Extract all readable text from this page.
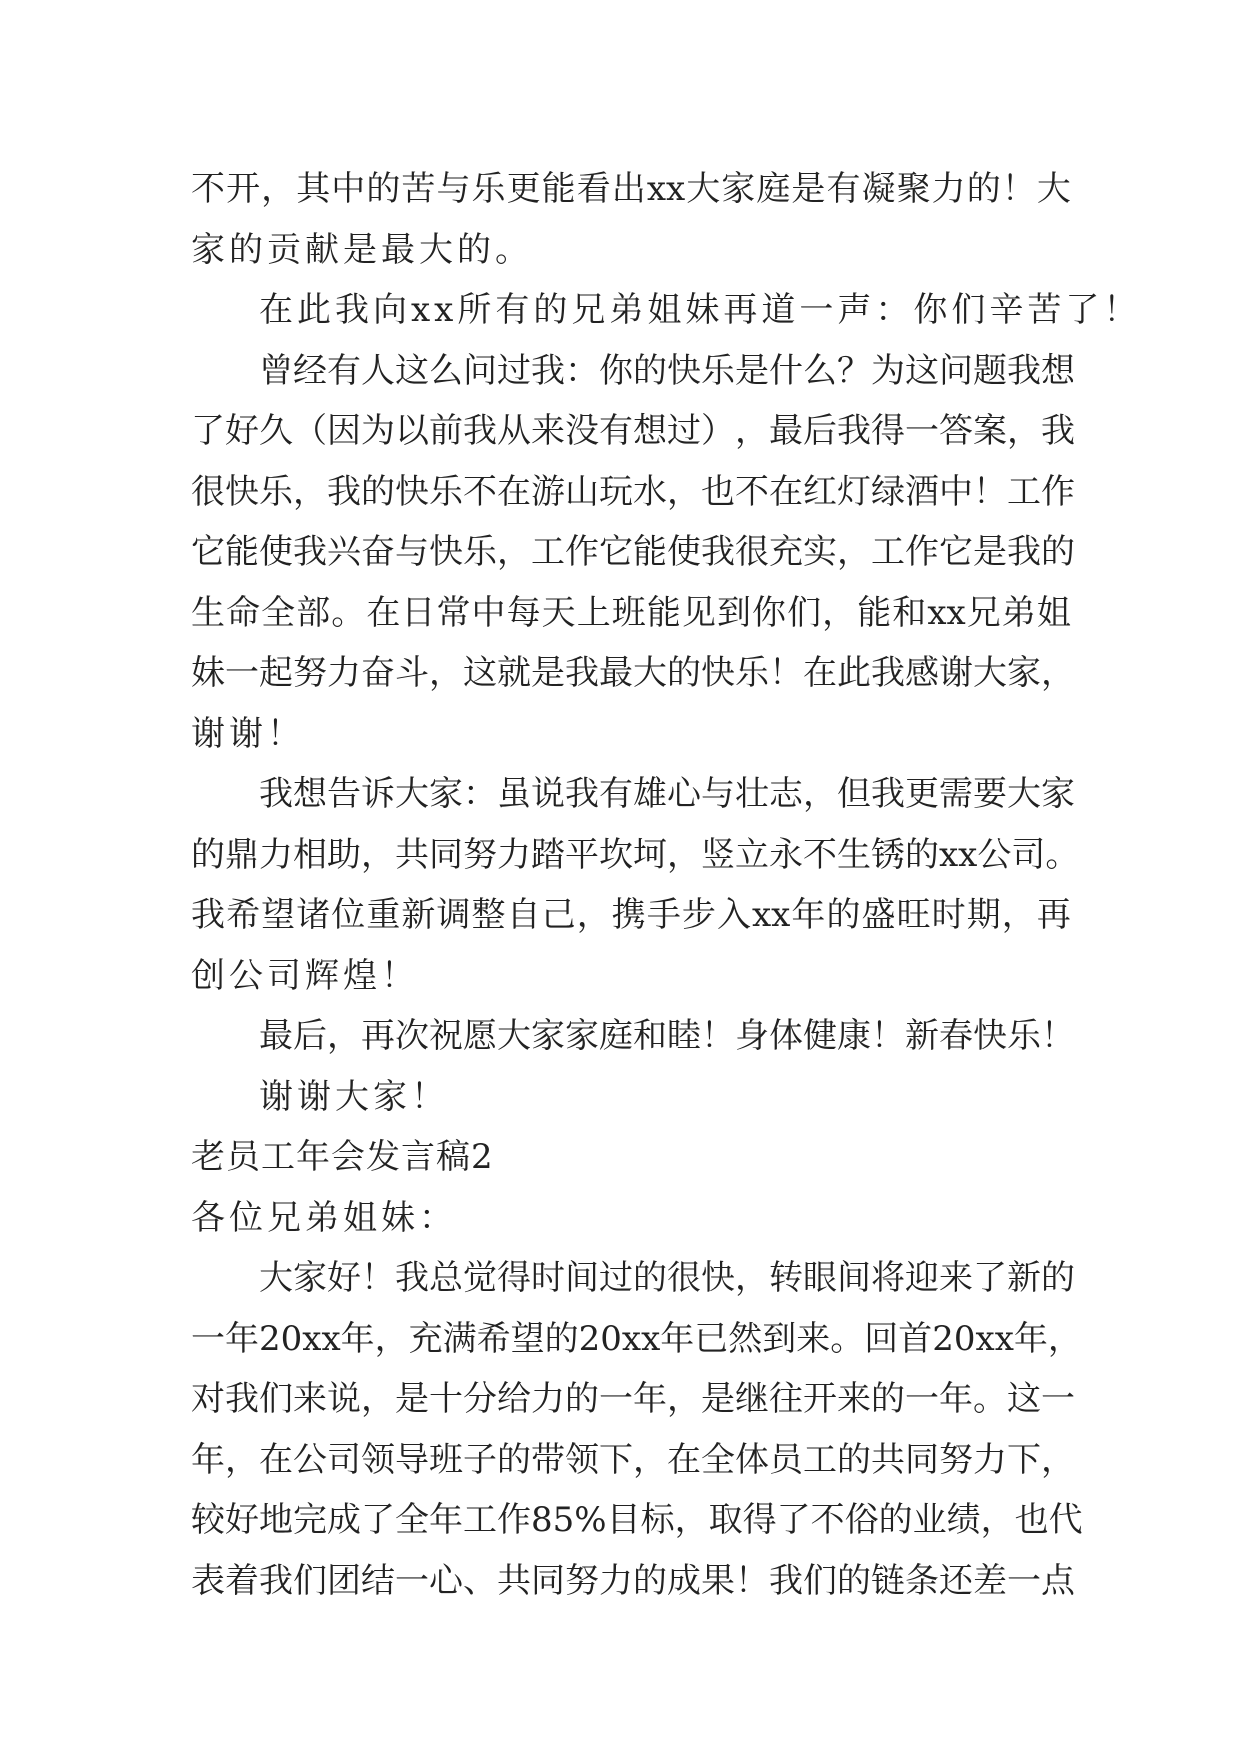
不 开 ， 其 中 的 苦 与 乐 更 能 看 出 xx 大 家 庭 是 有 凝 聚 力 的 ！ 大
家的贡献是最大的。
在此我向xx所有的兄弟姐妹再道一声：你们辛苦了！
曾 经 有 人 这 么 问 过 我 ： 你 的 快 乐 是 什 么 ？ 为 这 问 题 我 想
了 好 久 （ 因 为 以 前 我 从 来 没 有 想 过 ） ， 最 后 我 得 一 答 案 ， 我
很 快 乐 ， 我 的 快 乐 不 在 游 山 玩 水 ， 也 不 在 红 灯 绿 酒 中 ！ 工 作
它 能 使 我 兴 奋 与 快 乐 ， 工 作 它 能 使 我 很 充 实 ， 工 作 它 是 我 的
生 命 全 部 。 在 日 常 中 每 天 上 班 能 见 到 你 们 ， 能 和 xx 兄 弟 姐
妹 一 起 努 力 奋 斗 ， 这 就 是 我 最 大 的 快 乐 ！ 在 此 我 感 谢 大 家 ，
谢谢！
我 想 告 诉 大 家 ： 虽 说 我 有 雄 心 与 壮 志 ， 但 我 更 需 要 大 家
的 鼎 力 相 助 ， 共 同 努 力 踏 平 坎 坷 ， 竖 立 永 不 生 锈 的 xx 公 司 。
我 希 望 诸 位 重 新 调 整 自 己 ， 携 手 步 入 xx 年 的 盛 旺 时 期 ， 再
创公司辉煌！
最 后 ， 再 次 祝 愿 大 家 家 庭 和 睦 ！ 身 体 健 康 ！ 新 春 快 乐 ！
谢谢大家！
老员工年会发言稿2
各位兄弟姐妹：
大 家 好 ！ 我 总 觉 得 时 间 过 的 很 快 ， 转 眼 间 将 迎 来 了 新 的
一 年 20xx 年 ， 充 满 希 望 的 20xx 年 已 然 到 来 。 回 首 20xx 年 ，
对 我 们 来 说 ， 是 十 分 给 力 的 一 年 ， 是 继 往 开 来 的 一 年 。 这 一
年 ， 在 公 司 领 导 班 子 的 带 领 下 ， 在 全 体 员 工 的 共 同 努 力 下 ，
较 好 地 完 成 了 全 年 工 作 85% 目 标 ， 取 得 了 不 俗 的 业 绩 ， 也 代
表 着 我 们 团 结 一 心 、 共 同 努 力 的 成 果 ！ 我 们 的 链 条 还 差 一 点
